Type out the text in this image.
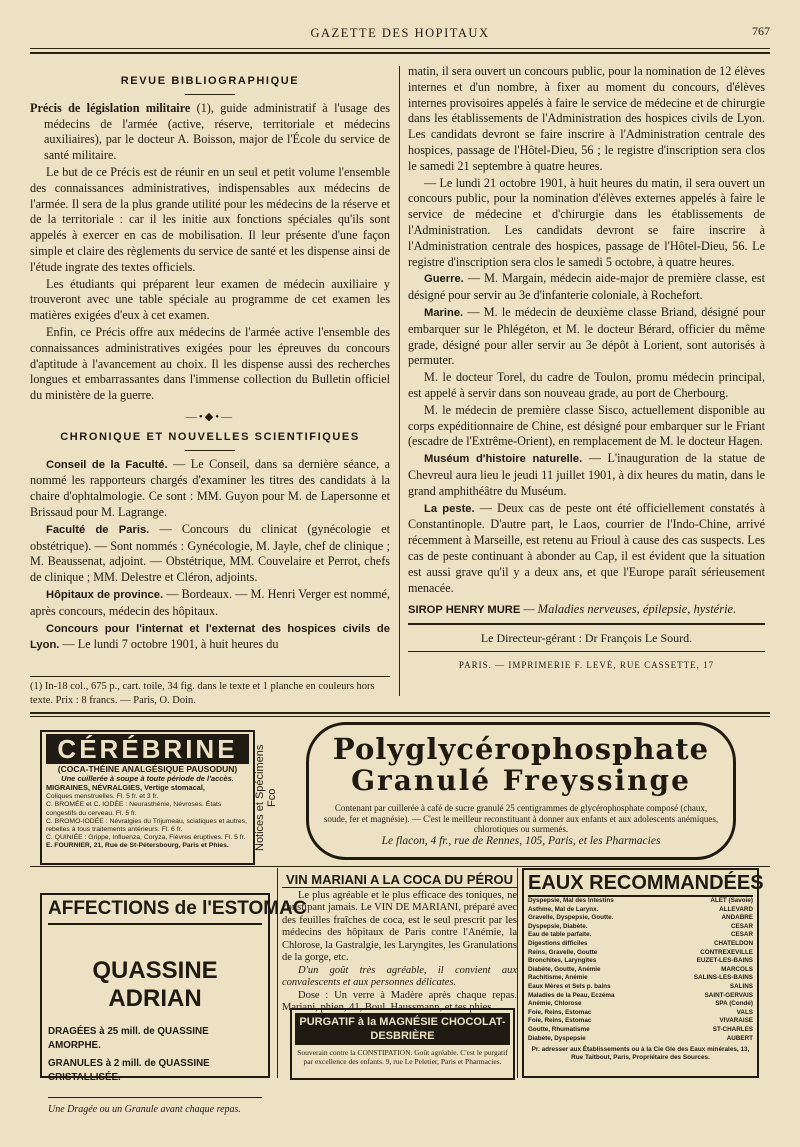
GAZETTE DES HOPITAUX	767
REVUE BIBLIOGRAPHIQUE

Précis de législation militaire (1), guide administratif à l'usage des médecins de l'armée (active, réserve, territoriale et médecins auxiliaires), par le docteur A. Boisson, major de l'École du service de santé militaire.

Le but de ce Précis est de réunir en un seul et petit volume l'ensemble des connaissances administratives, indispensables aux médecins de l'armée. Il sera de la plus grande utilité pour les médecins de la réserve et de la territoriale : car il les initie aux fonctions spéciales qu'ils sont appelés à exercer en cas de mobilisation. Il leur présente d'une façon simple et claire des règlements du service de santé et les dispense ainsi de l'étude ingrate des textes officiels.

Les étudiants qui préparent leur examen de médecin auxiliaire y trouveront avec une table spéciale au programme de cet examen les matières exigées d'eux à cet examen.

Enfin, ce Précis offre aux médecins de l'armée active l'ensemble des connaissances administratives exigées pour les épreuves du concours d'aptitude à l'avancement au choix. Il les dispense aussi des recherches longues et embarrassantes dans l'immense collection du Bulletin officiel du ministère de la guerre.

—•◆•—
CHRONIQUE ET NOUVELLES SCIENTIFIQUES

Conseil de la Faculté. — Le Conseil, dans sa dernière séance, a nommé les rapporteurs chargés d'examiner les titres des candidats à la chaire d'ophtalmologie. Ce sont : MM. Guyon pour M. de Lapersonne et Brissaud pour M. Lagrange.

Faculté de Paris. — Concours du clinicat (gynécologie et obstétrique). — Sont nommés : Gynécologie, M. Jayle, chef de clinique ; M. Beaussenat, adjoint. — Obstétrique, MM. Couvelaire et Perrot, chefs de clinique ; MM. Delestre et Cléron, adjoints.

Hôpitaux de province. — Bordeaux. — M. Henri Verger est nommé, après concours, médecin des hôpitaux.

Concours pour l'internat et l'externat des hospices civils de Lyon. — Le lundi 7 octobre 1901, à huit heures du

(1) In-18 col., 675 p., cart. toile, 34 fig. dans le texte et 1 planche en couleurs hors texte. Prix : 8 francs. — Paris, O. Doin.

matin, il sera ouvert un concours public, pour la nomination de 12 élèves internes et d'un nombre, à fixer au moment du concours, d'élèves internes provisoires appelés à faire le service de médecine et de chirurgie dans les établissements de l'Administration des hospices civils de Lyon. Les candidats devront se faire inscrire à l'Administration centrale des hospices, passage de l'Hôtel-Dieu, 56 ; le registre d'inscription sera clos le samedi 21 septembre à quatre heures.

— Le lundi 21 octobre 1901, à huit heures du matin, il sera ouvert un concours public, pour la nomination d'élèves externes appelés à faire le service de médecine et d'chirurgie dans les établissements de l'Administration. Les candidats devront se faire inscrire à l'Administration centrale des hospices, passage de l'Hôtel-Dieu, 56. Le registre d'inscription sera clos le samedi 5 octobre, à quatre heures.

Guerre. — M. Margain, médecin aide-major de première classe, est désigné pour servir au 3e d'infanterie coloniale, à Rochefort.

Marine. — M. le médecin de deuxième classe Briand, désigné pour embarquer sur le Phlégéton, et M. le docteur Bérard, officier du même grade, désigné pour aller servir au 3e dépôt à Lorient, sont autorisés à permuter.

M. le docteur Torel, du cadre de Toulon, promu médecin principal, est appelé à servir dans son nouveau grade, au port de Cherbourg.

M. le médecin de première classe Sisco, actuellement disponible au corps expéditionnaire de Chine, est désigné pour embarquer sur le Friant (escadre de l'Extrême-Orient), en remplacement de M. le docteur Hagen.

Muséum d'histoire naturelle. — L'inauguration de la statue de Chevreul aura lieu le jeudi 11 juillet 1901, à dix heures du matin, dans le grand amphithéâtre du Muséum.

La peste. — Deux cas de peste ont été officiellement constatés à Constantinople. D'autre part, le Laos, courrier de l'Indo-Chine, arrivé récemment à Marseille, est retenu au Frioul à cause des cas suspects. Les cas de peste continuant à abonder au Cap, il est évident que la situation est aussi grave qu'il y a deux ans, et que l'Europe paraît sérieusement menacée.

SIROP HENRY MURE — Maladies nerveuses, épilepsie, hystérie.
Le Directeur-gérant : Dr François Le Sourd.
PARIS. — IMPRIMERIE F. LEVÉ, RUE CASSETTE, 17
CÉRÉBRINE
(COCA-THÉINE ANALGÉSIQUE PAUSODUN)
Une cuillerée à soupe à toute période de l'accès.
MIGRAINES, NÉVRALGIES, Vertige stomacal,
Coliques menstruelles. Fl. 5 fr. et 3 fr.
C. BROMÉE et C. IODÉE : Neurasthénie, Névroses. États congestifs du cerveau. Fl. 5 fr.
C. BROMO-IODÉE : Névralgies du Trijumeau, sciatiques et autres, rebelles à tous traitements antérieurs. Fl. 6 fr.
C. QUINIÉE : Grippe, Influenza, Coryza, Fièvres éruptives. Fl. 5 fr.
E. FOURNIER, 21, Rue de St-Pétersbourg, Paris et Phies.	Notices et Spécimens Fco
Polyglycérophosphate
Granulé Freyssinge
Contenant par cuillerée à café de sucre granulé 25 centigrammes de glycérophosphate composé (chaux, soude, fer et magnésie). — C'est le meilleur reconstituant à donner aux enfants et aux adolescents anémiques, chlorotiques ou surmenés.
Le flacon, 4 fr., rue de Rennes, 105, Paris, et les Pharmacies
AFFECTIONS de l'ESTOMAC
QUASSINE ADRIAN
DRAGÉES à 25 mill. de QUASSINE AMORPHE.
GRANULES à 2 mill. de QUASSINE CRISTALLISÉE.
Une Dragée ou un Granule avant chaque repas.
VIN MARIANI A LA COCA DU PÉROU

Le plus agréable et le plus efficace des toniques, ne constipant jamais. Le VIN DE MARIANI, préparé avec des feuilles fraîches de coca, est le seul prescrit par les médecins des hôpitaux de Paris contre l'Anémie, la Chlorose, la Gastralgie, les Laryngites, les Granulations de la gorge, etc.

D'un goût très agréable, il convient aux convalescents et aux personnes délicates.

Dose : Un verre à Madère après chaque repas. Mariani, phien, 41, Boul. Haussmann, et tes phies.

PURGATIF à la MAGNÉSIE CHOCOLAT-DESBRIÈRE
Souverain contre la CONSTIPATION. Goût agréable. C'est le purgatif par excellence des enfants. 9, rue Le Peletier, Paris et Pharmacies.
EAUX RECOMMANDÉES
Dyspepsie, Mal des Intestins	ALET (Savoie)
Asthme, Mal de Larynx.	ALLEVARD
Gravelle, Dyspepsie, Goutte.	ANDABRE
Dyspepsie, Diabète.	CESAR
Eau de table parfaite.	CESAR
Digestions difficiles	CHATELDON
Reins, Gravelle, Goutte	CONTREXEVILLE
Bronchites, Laryngites	EUZET-LES-BAINS
Diabète, Goutte, Anémie	MARCOLS
Rachitisme, Anémie	SALINS-LES-BAINS
Eaux Mères et Sels p. bains	SALINS
Maladies de la Peau, Eczéma	SAINT-GERVAIS
Anémie, Chlorose	SPA (Condé)
Foie, Reins, Estomac	VALS
Foie, Reins, Estomac	VIVARAISE
Goutte, Rhumatisme	ST-CHARLES
Diabète, Dyspepsie	AUBERT
Pr. adresser aux Établissements ou à la Cie Gle des Eaux minérales, 13, Rue Taitbout, Paris, Propriétaire des Sources.
